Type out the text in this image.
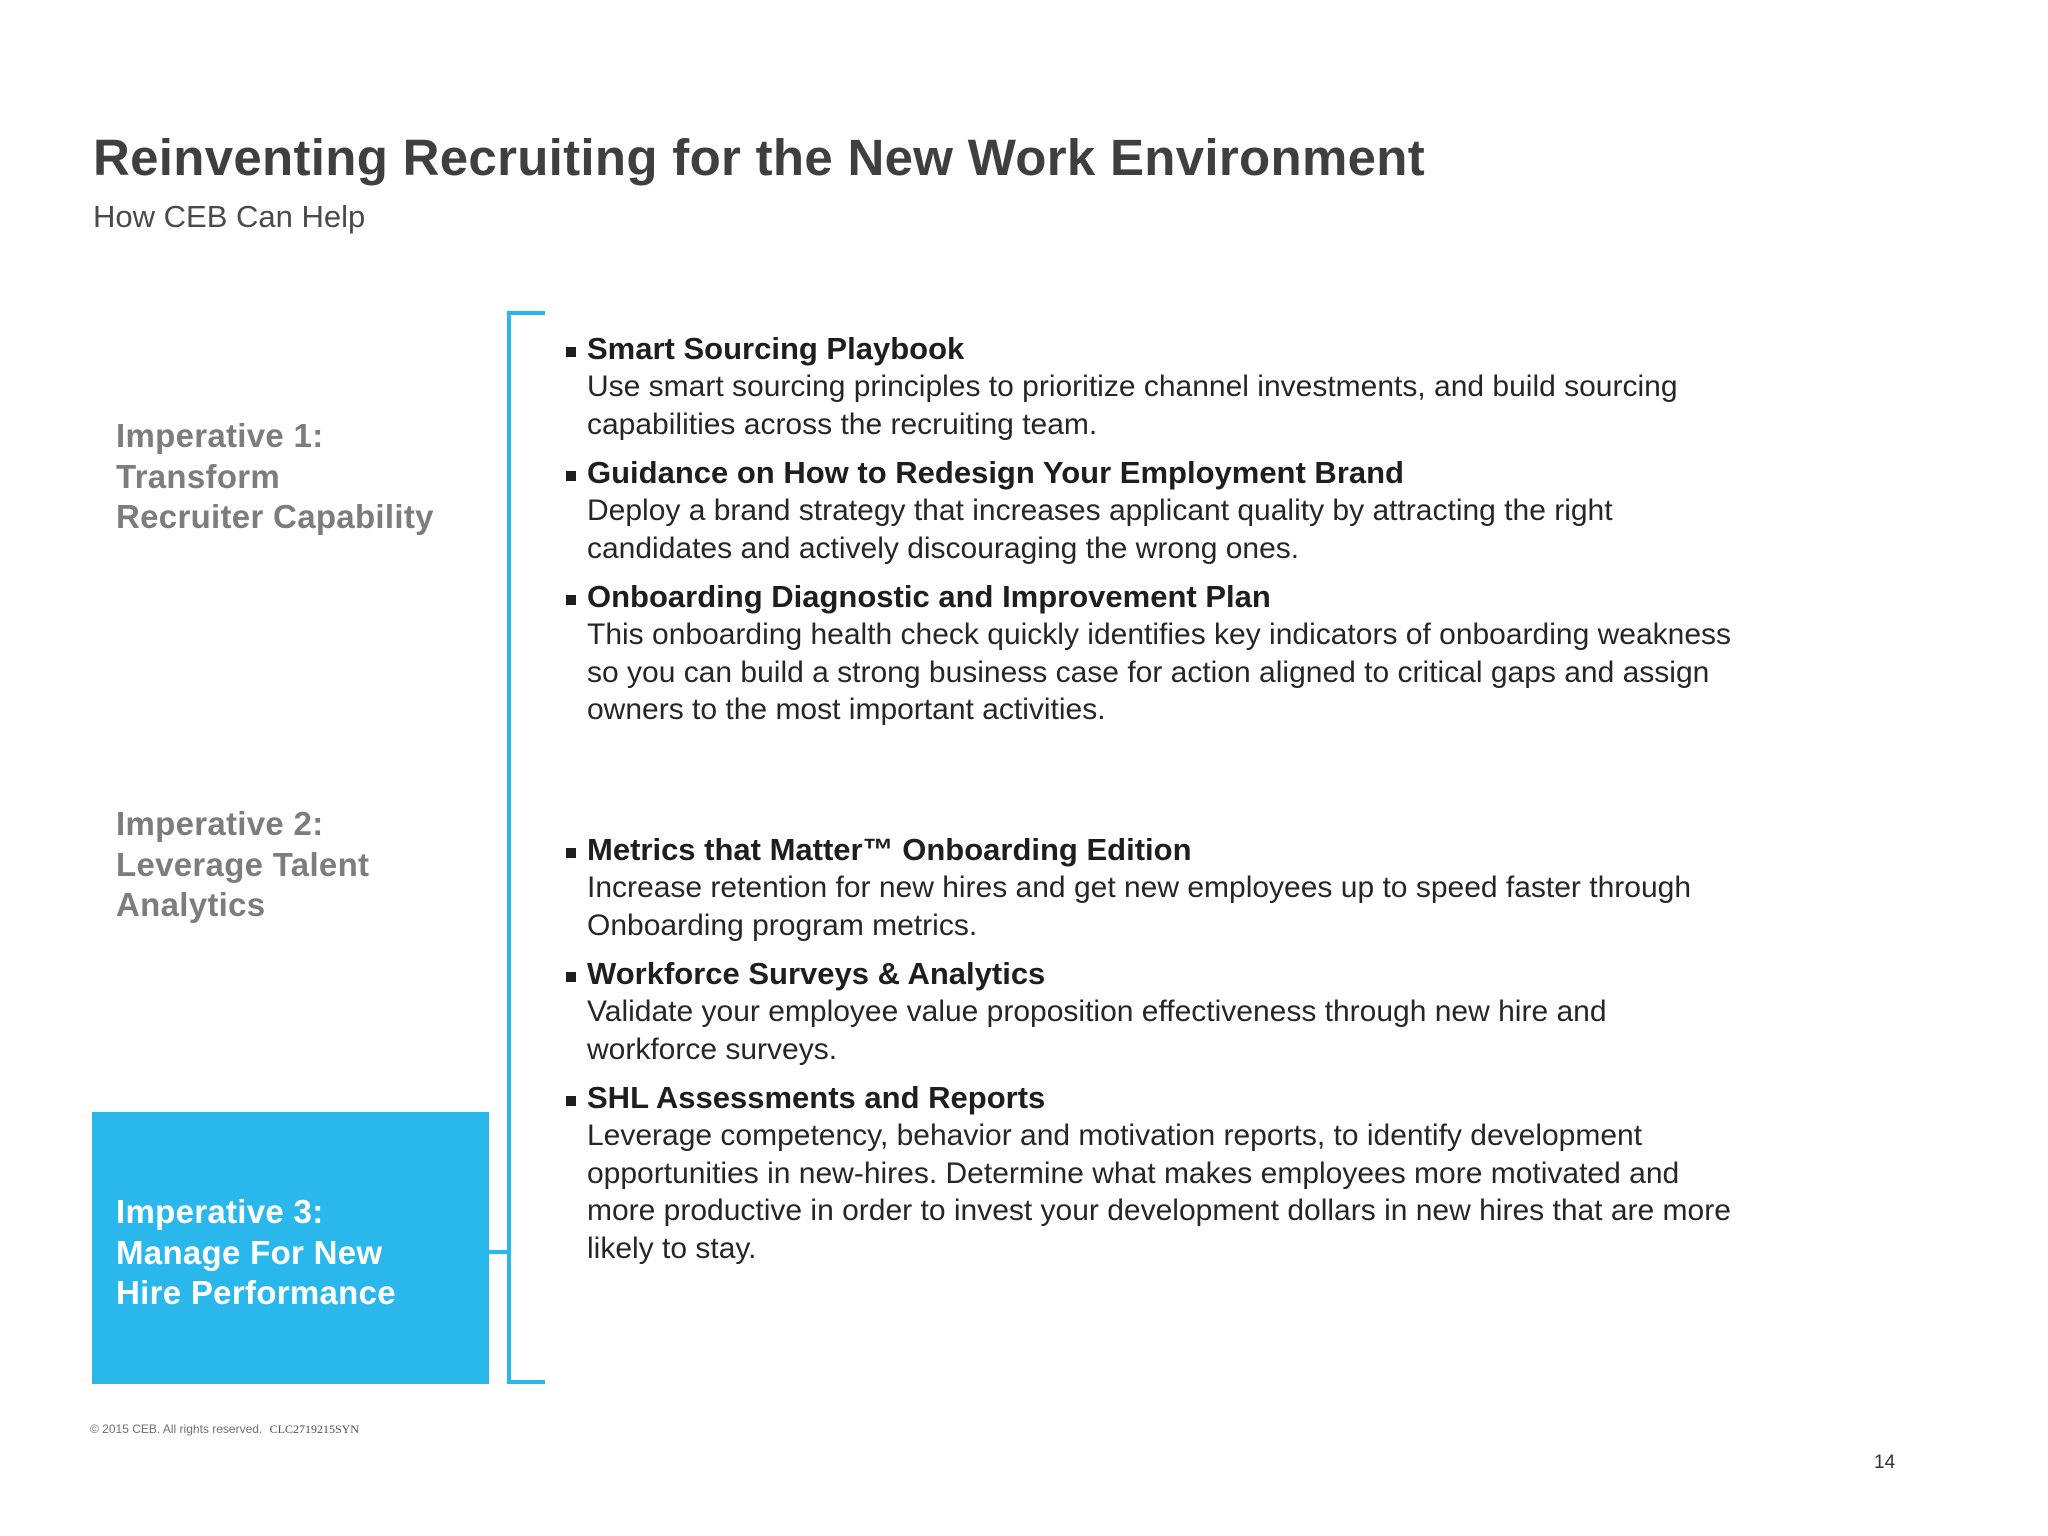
Reinventing Recruiting for the New Work Environment
How CEB Can Help
Imperative 1:
Transform
Recruiter Capability
Imperative 2:
Leverage Talent
Analytics
Imperative 3:
Manage For New
Hire Performance
Smart Sourcing Playbook
Use smart sourcing principles to prioritize channel investments, and build sourcing
capabilities across the recruiting team.
Guidance on How to Redesign Your Employment Brand
Deploy a brand strategy that increases applicant quality by attracting the right
candidates and actively discouraging the wrong ones.
Onboarding Diagnostic and Improvement Plan
This onboarding health check quickly identifies key indicators of onboarding weakness
so you can build a strong business case for action aligned to critical gaps and assign
owners to the most important activities.
Metrics that Matter™ Onboarding Edition
Increase retention for new hires and get new employees up to speed faster through
Onboarding program metrics.
Workforce Surveys & Analytics
Validate your employee value proposition effectiveness through new hire and
workforce surveys.
SHL Assessments and Reports
Leverage competency, behavior and motivation reports, to identify development
opportunities in new-hires. Determine what makes employees more motivated and
more productive in order to invest your development dollars in new hires that are more
likely to stay.
© 2015 CEB. All rights reserved. CLC2719215SYN
14
